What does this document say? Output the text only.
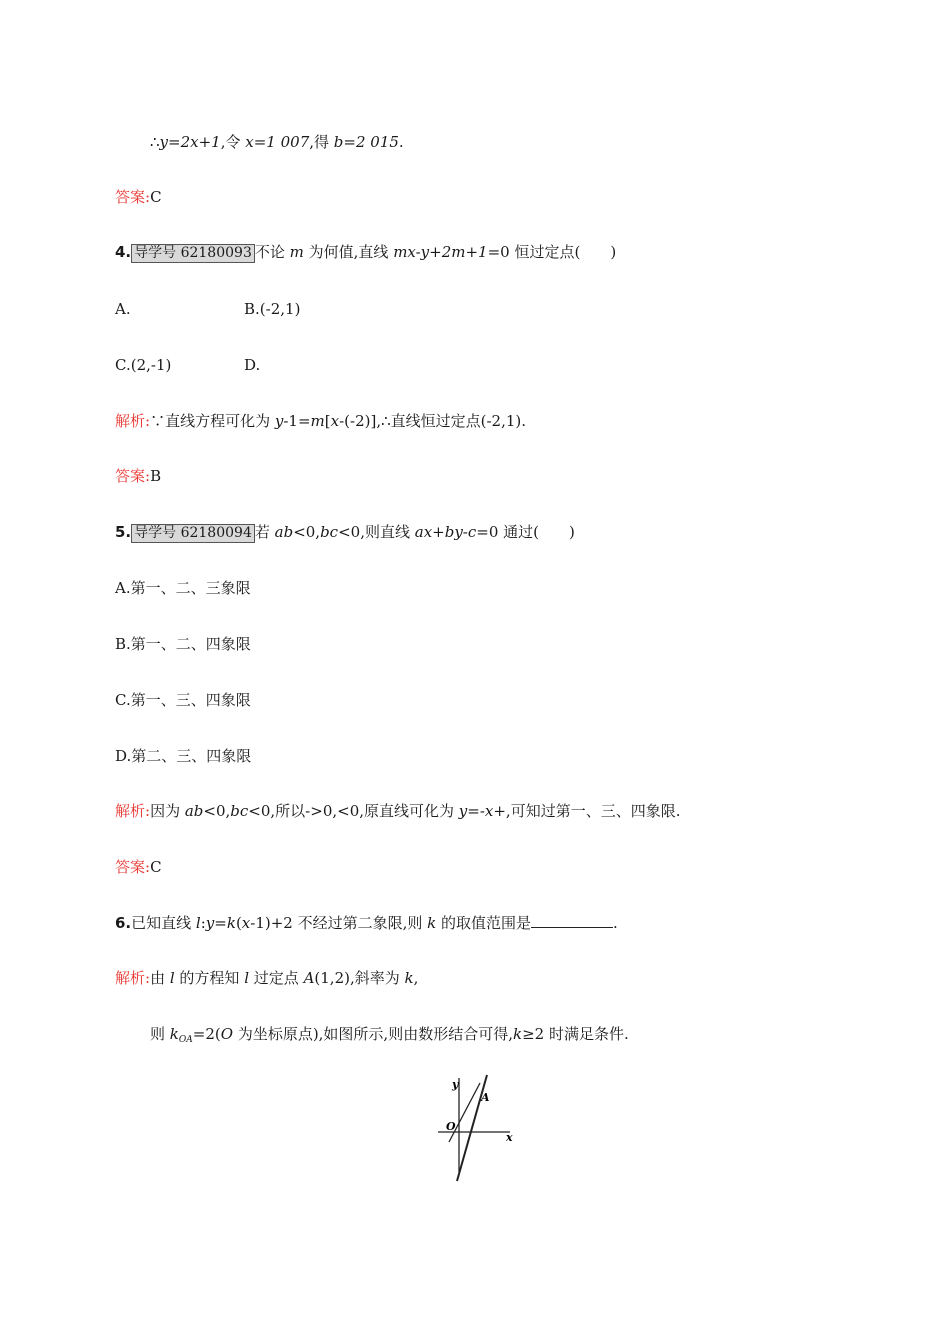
∴y=2x+1,令 x=1 007,得 b=2 015.
答案:C
4. 导学号 62180093 不论 m 为何值,直线 mx-y+2m+1=0 恒过定点(　　)
A.	B.(-2,1)
C.(2,-1)	D.
解析:∵直线方程可化为 y-1=m[x-(-2)],∴直线恒过定点(-2,1).
答案:B
5. 导学号 62180094 若 ab<0,bc<0,则直线 ax+by-c=0 通过(　　)
A.第一、二、三象限
B.第一、二、四象限
C.第一、三、四象限
D.第二、三、四象限
解析:因为 ab<0,bc<0,所以->0,<0,原直线可化为 y=-x+,可知过第一、三、四象限.
答案:C
6.已知直线 l:y=k(x-1)+2 不经过第二象限,则 k 的取值范围是	.
解析:由 l 的方程知 l 过定点 A(1,2),斜率为 k,
则 $k_{OA}=2(O$ 为坐标原点),如图所示,则由数形结合可得,k≥2 时满足条件.
y
x
O
A
